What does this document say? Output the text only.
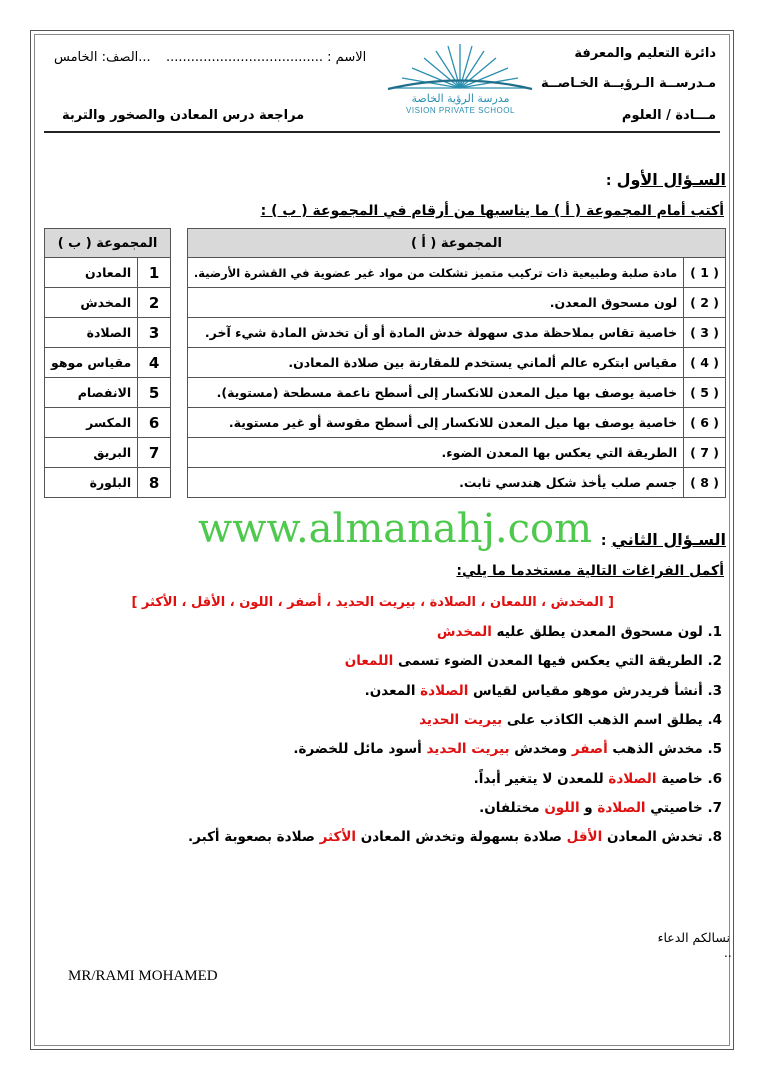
دائرة التعليم والمعرفة
مـدرســة الـرؤيــة الخـاصــة
مـــادة / العلوم
الاسم : ......................................
...الصف: الخامس
مراجعة درس المعادن والصخور والتربة
مدرسة الرؤية الخاصة
VISION PRIVATE SCHOOL
السـؤال الأول :
أكتب أمام المجموعة ( أ ) ما يناسبها من أرقام في المجموعة ( ب ) :
المجموعة ( أ )	
( 1 )	مادة صلبة وطبيعية ذات تركيب متميز تشكلت من مواد غير عضوية في القشرة الأرضية.
( 2 )	لون مسحوق المعدن.
( 3 )	خاصية تقاس بملاحظة مدى سهولة خدش المادة أو أن تخدش المادة شيء آخر.
( 4 )	مقياس ابتكره عالم ألماني يستخدم للمقارنة بين صلادة المعادن.
( 5 )	خاصية يوصف بها ميل المعدن للانكسار إلى أسطح ناعمة مسطحة (مستوية).
( 6 )	خاصية يوصف بها ميل المعدن للانكسار إلى أسطح مقوسة أو غير مستوية.
( 7 )	الطريقة التي يعكس بها المعدن الضوء.
( 8 )	جسم صلب يأخذ شكل هندسي ثابت.
المجموعة ( ب )	
1	المعادن
2	المخدش
3	الصلادة
4	مقياس موهو
5	الانفصام
6	المكسر
7	البريق
8	البلورة
www.almanahj.com	السـؤال الثاني :
أكمل الفراغات التالية مستخدما ما يلي:
[ المخدش ، اللمعان ، الصلادة ، بيريت الحديد ، أصفر ، اللون ، الأقل ، الأكثر ]
1. لون مسحوق المعدن يطلق عليه المخدش
2. الطريقة التي يعكس فيها المعدن الضوء تسمى اللمعان
3. أنشأ فريدرش موهو مقياس لقياس الصلادة المعدن.
4. يطلق اسم الذهب الكاذب على بيريت الحديد
5. مخدش الذهب أصفر ومخدش بيريت الحديد أسود مائل للخضرة.
6. خاصية الصلادة للمعدن لا يتغير أبداً.
7. خاصيتي الصلادة و اللون مختلفان.
8. تخدش المعادن الأقل صلادة بسهولة وتخدش المعادن الأكثر صلادة بصعوبة أكبر.
نسالكم الدعاء
..
MR/RAMI MOHAMED
